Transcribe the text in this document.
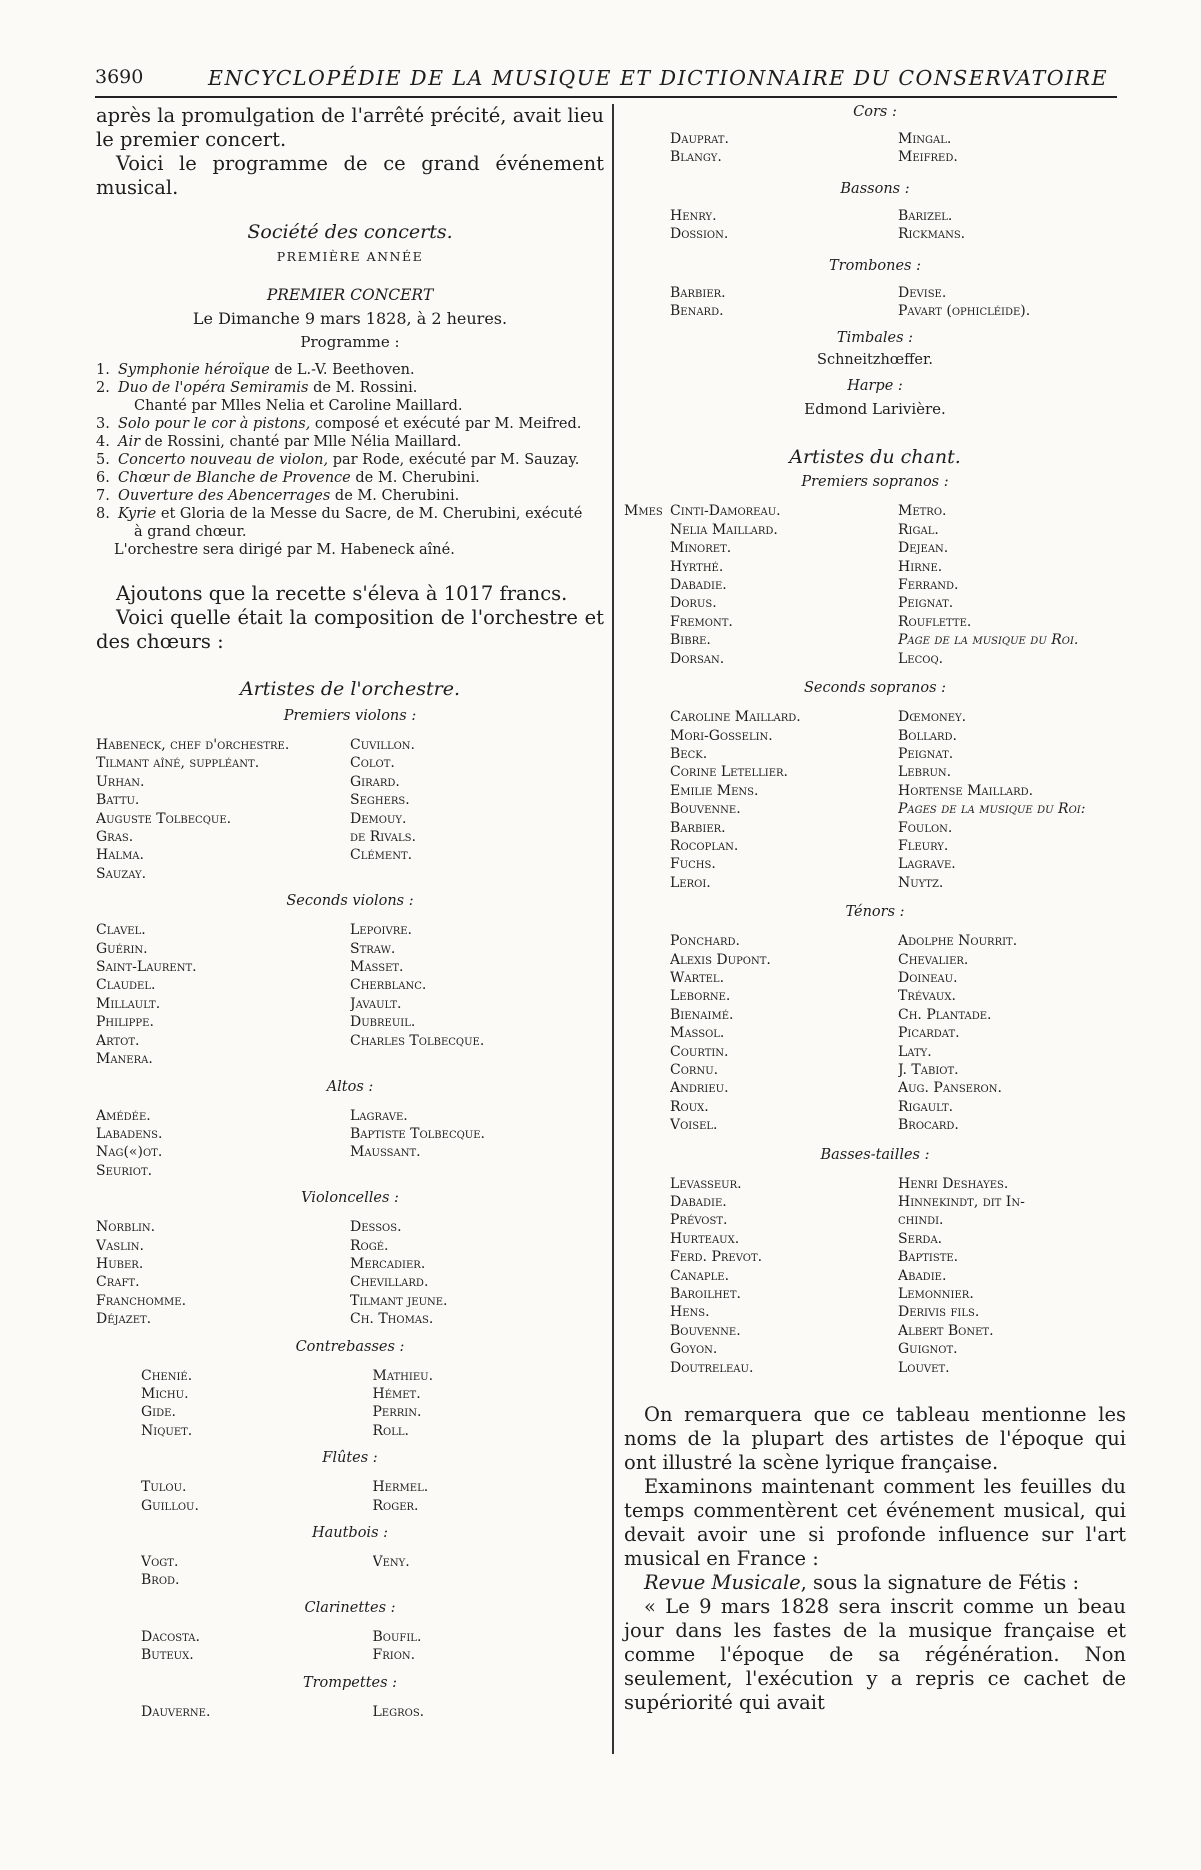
3690	ENCYCLOPÉDIE DE LA MUSIQUE ET DICTIONNAIRE DU CONSERVATOIRE

après la promulgation de l'arrêté précité, avait lieu le premier concert.

Voici le programme de ce grand événement musical.

Société des concerts.

PREMIÈRE ANNÉE

PREMIER CONCERT

Le Dimanche 9 mars 1828, à 2 heures.

Programme :

1. Symphonie héroïque de L.-V. Beethoven.
2. Duo de l'opéra Semiramis de M. Rossini.
Chanté par Mlles Nelia et Caroline Maillard.
3. Solo pour le cor à pistons, composé et exécuté par M. Meifred.
4. Air de Rossini, chanté par Mlle Nélia Maillard.
5. Concerto nouveau de violon, par Rode, exécuté par M. Sauzay.
6. Chœur de Blanche de Provence de M. Cherubini.
7. Ouverture des Abencerrages de M. Cherubini.
8. Kyrie et Gloria de la Messe du Sacre, de M. Cherubini, exécuté
à grand chœur.

L'orchestre sera dirigé par M. Habeneck aîné.

Ajoutons que la recette s'éleva à 1017 francs.

Voici quelle était la composition de l'orchestre et des chœurs :

Artistes de l'orchestre.

Premiers violons :

Habeneck, chef d'orchestre.	Cuvillon.
Tilmant aîné, suppléant.	Colot.
Urhan.	Girard.
Battu.	Seghers.
Auguste Tolbecque.	Demouy.
Gras.	de Rivals.
Halma.	Clément.
Sauzay.

Seconds violons :

Clavel.	Lepoivre.
Guérin.	Straw.
Saint-Laurent.	Masset.
Claudel.	Cherblanc.
Millault.	Javault.
Philippe.	Dubreuil.
Artot.	Charles Tolbecque.
Manera.

Altos :

Amédée.	Lagrave.
Labadens.	Baptiste Tolbecque.
Nag(«)ot.	Maussant.
Seuriot.

Violoncelles :

Norblin.	Dessos.
Vaslin.	Rogé.
Huber.	Mercadier.
Craft.	Chevillard.
Franchomme.	Tilmant jeune.
Déjazet.	Ch. Thomas.

Contrebasses :

Chenié.	Mathieu.
Michu.	Hémet.
Gide.	Perrin.
Niquet.	Roll.

Flûtes :

Tulou.	Hermel.
Guillou.	Roger.

Hautbois :

Vogt.	Veny.
Brod.

Clarinettes :

Dacosta.	Boufil.
Buteux.	Frion.

Trompettes :

Dauverne.	Legros.

Cors :

Dauprat.	Mingal.
Blangy.	Meifred.

Bassons :

Henry.	Barizel.
Dossion.	Rickmans.

Trombones :

Barbier.	Devise.
Benard.	Pavart (ophicléide).

Timbales :

Schneitzhœffer.

Harpe :

Edmond Larivière.

Artistes du chant.

Premiers sopranos :

Cinti-Damoreau.	Metro.
Nelia Maillard.	Rigal.
Minoret.	Dejean.
Hyrthé.	Hirne.
Dabadie.	Ferrand.
Dorus.	Peignat.
Fremont.	Rouflette.
Bibre.	Page de la musique du Roi.
Dorsan.	Lecoq.
Mmes

Seconds sopranos :

Caroline Maillard.	Dœmoney.
Mori-Gosselin.	Bollard.
Beck.	Peignat.
Corine Letellier.	Lebrun.
Emilie Mens.	Hortense Maillard.
Bouvenne.	Pages de la musique du Roi:
Barbier.	Foulon.
Rocoplan.	Fleury.
Fuchs.	Lagrave.
Leroi.	Nuytz.

Ténors :

Ponchard.	Adolphe Nourrit.
Alexis Dupont.	Chevalier.
Wartel.	Doineau.
Leborne.	Trévaux.
Bienaimé.	Ch. Plantade.
Massol.	Picardat.
Courtin.	Laty.
Cornu.	J. Tabiot.
Andrieu.	Aug. Panseron.
Roux.	Rigault.
Voisel.	Brocard.

Basses-tailles :

Levasseur.	Henri Deshayes.
Dabadie.	Hinnekindt, dit In-
Prévost.	chindi.
Hurteaux.	Serda.
Ferd. Prevot.	Baptiste.
Canaple.	Abadie.
Baroilhet.	Lemonnier.
Hens.	Derivis fils.
Bouvenne.	Albert Bonet.
Goyon.	Guignot.
Doutreleau.	Louvet.

On remarquera que ce tableau mentionne les noms de la plupart des artistes de l'époque qui ont illustré la scène lyrique française.

Examinons maintenant comment les feuilles du temps commentèrent cet événement musical, qui devait avoir une si profonde influence sur l'art musical en France :

Revue Musicale, sous la signature de Fétis :

« Le 9 mars 1828 sera inscrit comme un beau jour dans les fastes de la musique française et comme l'époque de sa régénération. Non seulement, l'exécution y a repris ce cachet de supériorité qui avait
